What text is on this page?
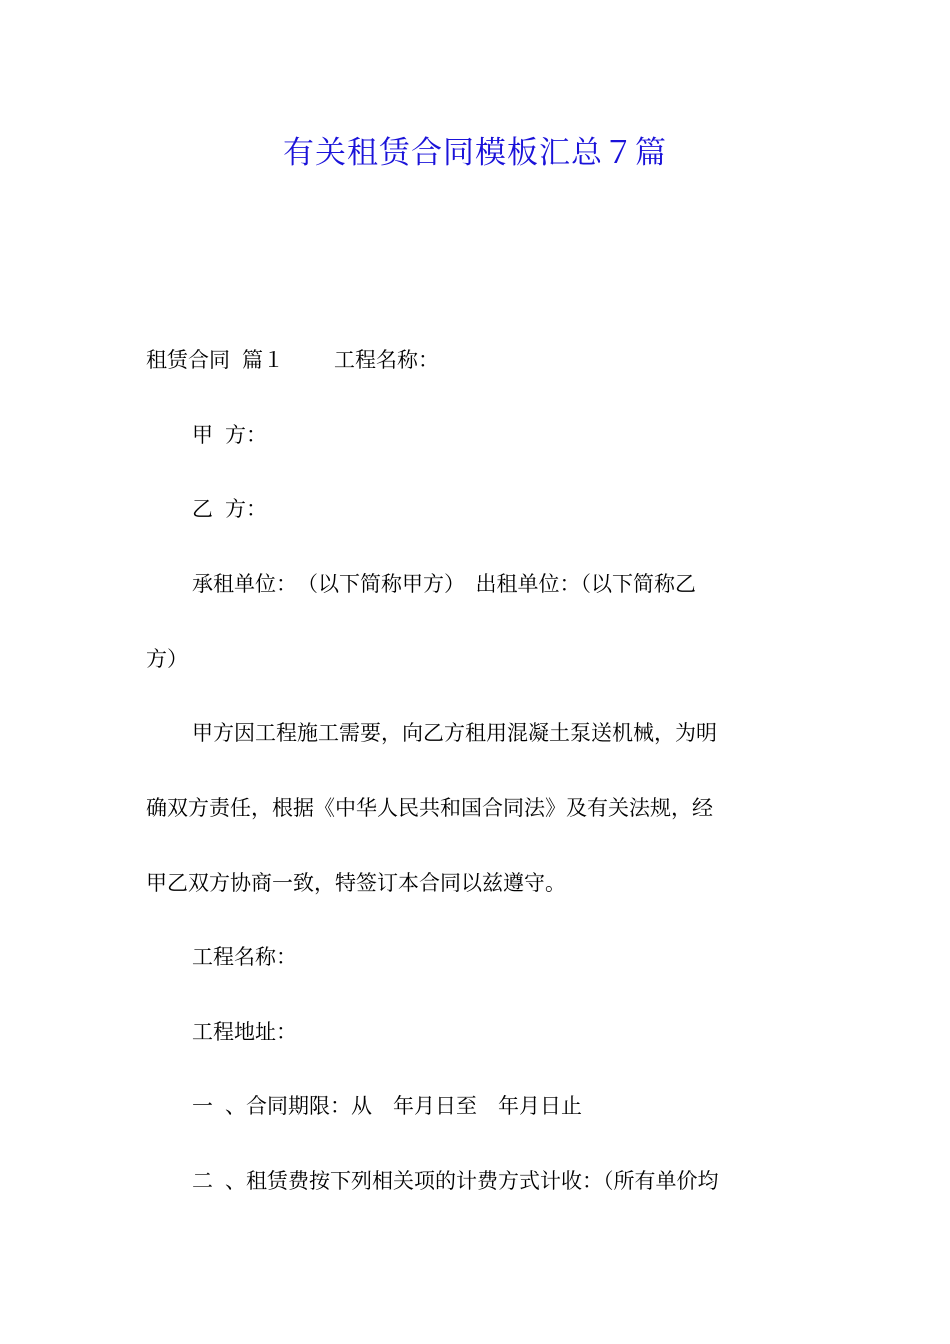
有关租赁合同模板汇总７篇
租赁合同 篇１ 工程名称：
甲 方：
乙 方：
承租单位：　（以下简称甲方）　出租单位：（以下简称乙
方）
甲方因工程施工需要，向乙方租用混凝土泵送机械，为明
确双方责任，根据《中华人民共和国合同法》及有关法规，经
甲乙双方协商一致，特签订本合同以兹遵守。
工程名称：
工程地址：
一 、合同期限：从　年月日至　年月日止
二 、租赁费按下列相关项的计费方式计收：（所有单价均
